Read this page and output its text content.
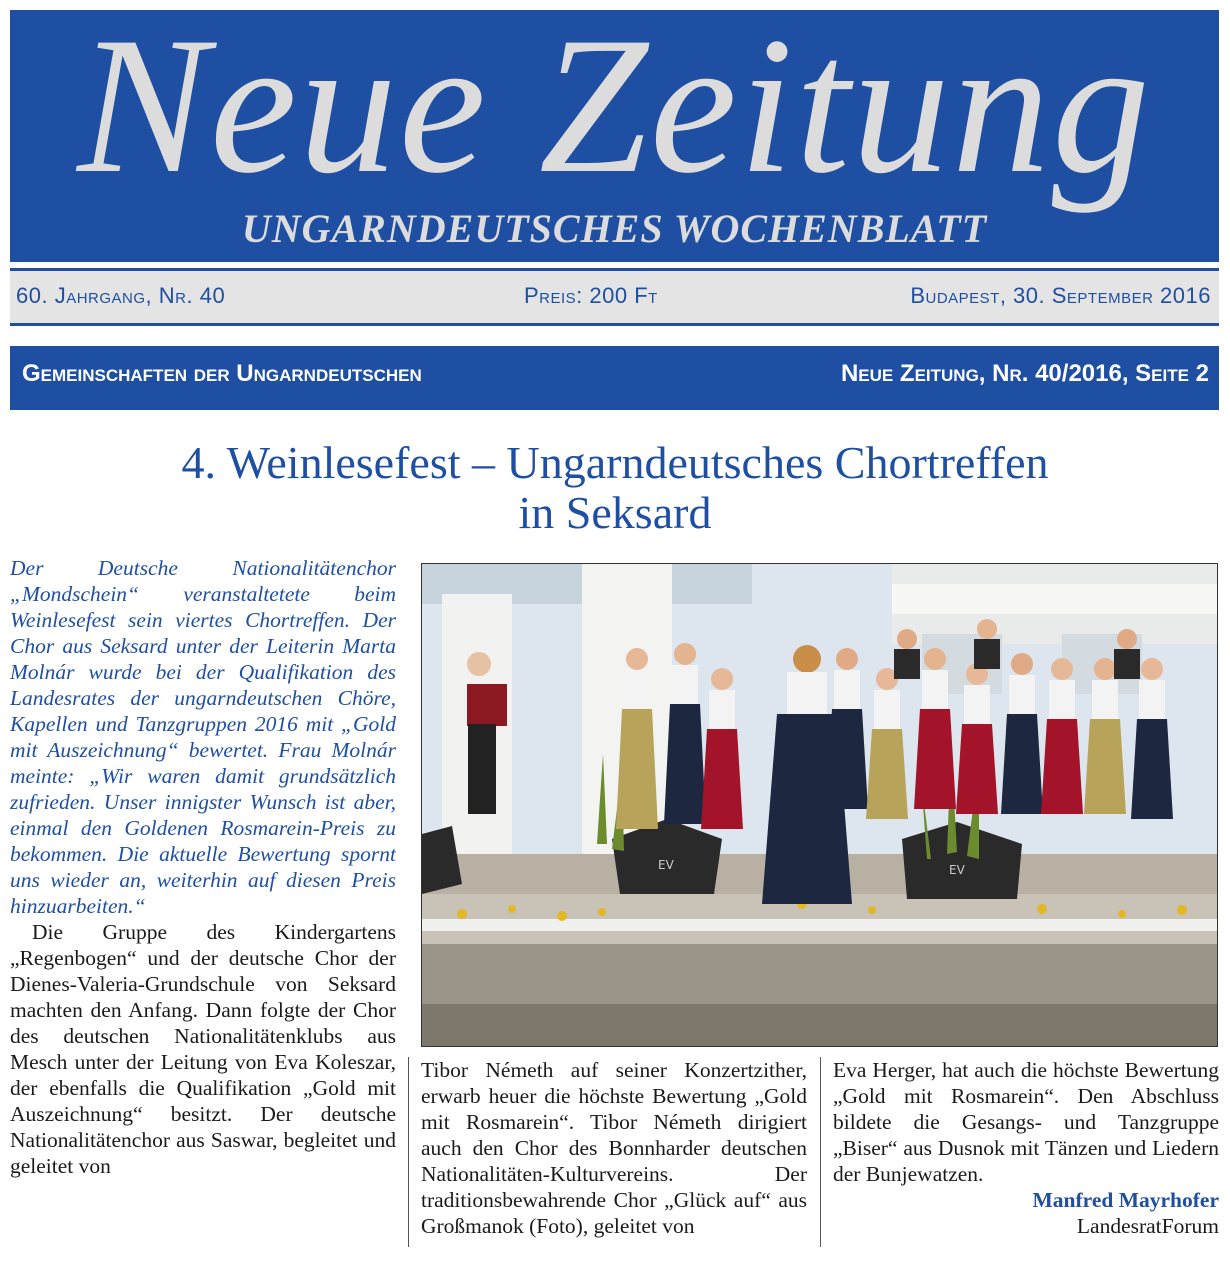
Neue Zeitung
UNGARNDEUTSCHES WOCHENBLATT
60. Jahrgang, Nr. 40	Preis: 200 Ft	Budapest, 30. September 2016
Gemeinschaften der Ungarndeutschen	Neue Zeitung, Nr. 40/2016, Seite 2
4. Weinlesefest – Ungarndeutsches Chortreffen
in Seksard

Der Deutsche Nationalitätenchor „Mondschein“ veranstaltetete beim Weinlesefest sein viertes Chortreffen. Der Chor aus Seksard unter der Leiterin Marta Molnár wurde bei der Qualifikation des Landesrates der ungarndeutschen Chöre, Kapellen und Tanzgruppen 2016 mit „Gold mit Auszeichnung“ bewertet. Frau Molnár meinte: „Wir waren damit grundsätzlich zufrieden. Unser innigster Wunsch ist aber, einmal den Goldenen Rosmarein-Preis zu bekommen. Die aktuelle Bewertung spornt uns wieder an, weiterhin auf diesen Preis hinzuarbeiten.“

Die Gruppe des Kindergartens „Regenbogen“ und der deutsche Chor der Dienes-Valeria-Grundschule von Seksard machten den Anfang. Dann folgte der Chor des deutschen Nationalitätenklubs aus Mesch unter der Leitung von Eva Koleszar, der ebenfalls die Qualifikation „Gold mit Auszeichnung“ besitzt. Der deutsche Nationalitätenchor aus Saswar, begleitet und geleitet von

EV	EV

Tibor Németh auf seiner Konzertzither, erwarb heuer die höchste Bewertung „Gold mit Rosmarein“. Tibor Németh dirigiert auch den Chor des Bonnharder deutschen Nationalitäten-Kulturvereins. Der traditionsbewahrende Chor „Glück auf“ aus Großmanok (Foto), geleitet von

Eva Herger, hat auch die höchste Bewertung „Gold mit Rosmarein“. Den Abschluss bildete die Gesangs- und Tanzgruppe „Biser“ aus Dusnok mit Tänzen und Liedern der Bunjewatzen.

Manfred Mayrhofer
LandesratForum
